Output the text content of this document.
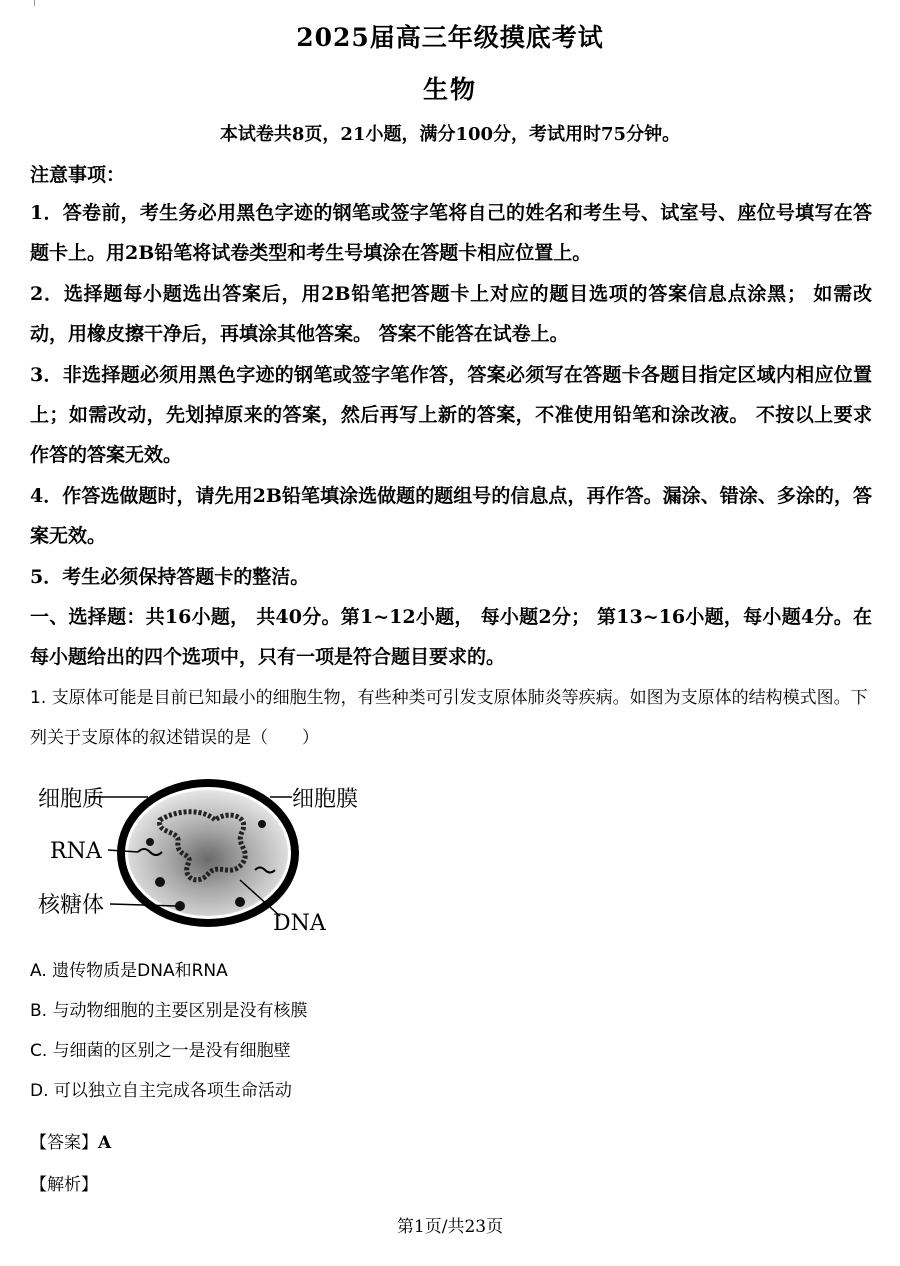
2025届高三年级摸底考试
生物
本试卷共8页，21小题，满分100分，考试用时75分钟。
注意事项：
1．答卷前，考生务必用黑色字迹的钢笔或签字笔将自己的姓名和考生号、试室号、座位号填写在答题卡上。用2B铅笔将试卷类型和考生号填涂在答题卡相应位置上。
2．选择题每小题选出答案后，用2B铅笔把答题卡上对应的题目选项的答案信息点涂黑； 如需改动，用橡皮擦干净后，再填涂其他答案。 答案不能答在试卷上。
3．非选择题必须用黑色字迹的钢笔或签字笔作答，答案必须写在答题卡各题目指定区域内相应位置上；如需改动，先划掉原来的答案，然后再写上新的答案，不准使用铅笔和涂改液。 不按以上要求作答的答案无效。
4．作答选做题时，请先用2B铅笔填涂选做题的题组号的信息点，再作答。漏涂、错涂、多涂的，答案无效。
5．考生必须保持答题卡的整洁。
一、选择题：共16小题， 共40分。第1~12小题， 每小题2分； 第13~16小题，每小题4分。在每小题给出的四个选项中，只有一项是符合题目要求的。
1. 支原体可能是目前已知最小的细胞生物，有些种类可引发支原体肺炎等疾病。如图为支原体的结构模式图。下列关于支原体的叙述错误的是（　　）
细胞质	细胞膜
RNA
核糖体
DNA
A. 遗传物质是DNA和RNA
B. 与动物细胞的主要区别是没有核膜
C. 与细菌的区别之一是没有细胞壁
D. 可以独立自主完成各项生命活动
【答案】A
【解析】
第1页/共23页
